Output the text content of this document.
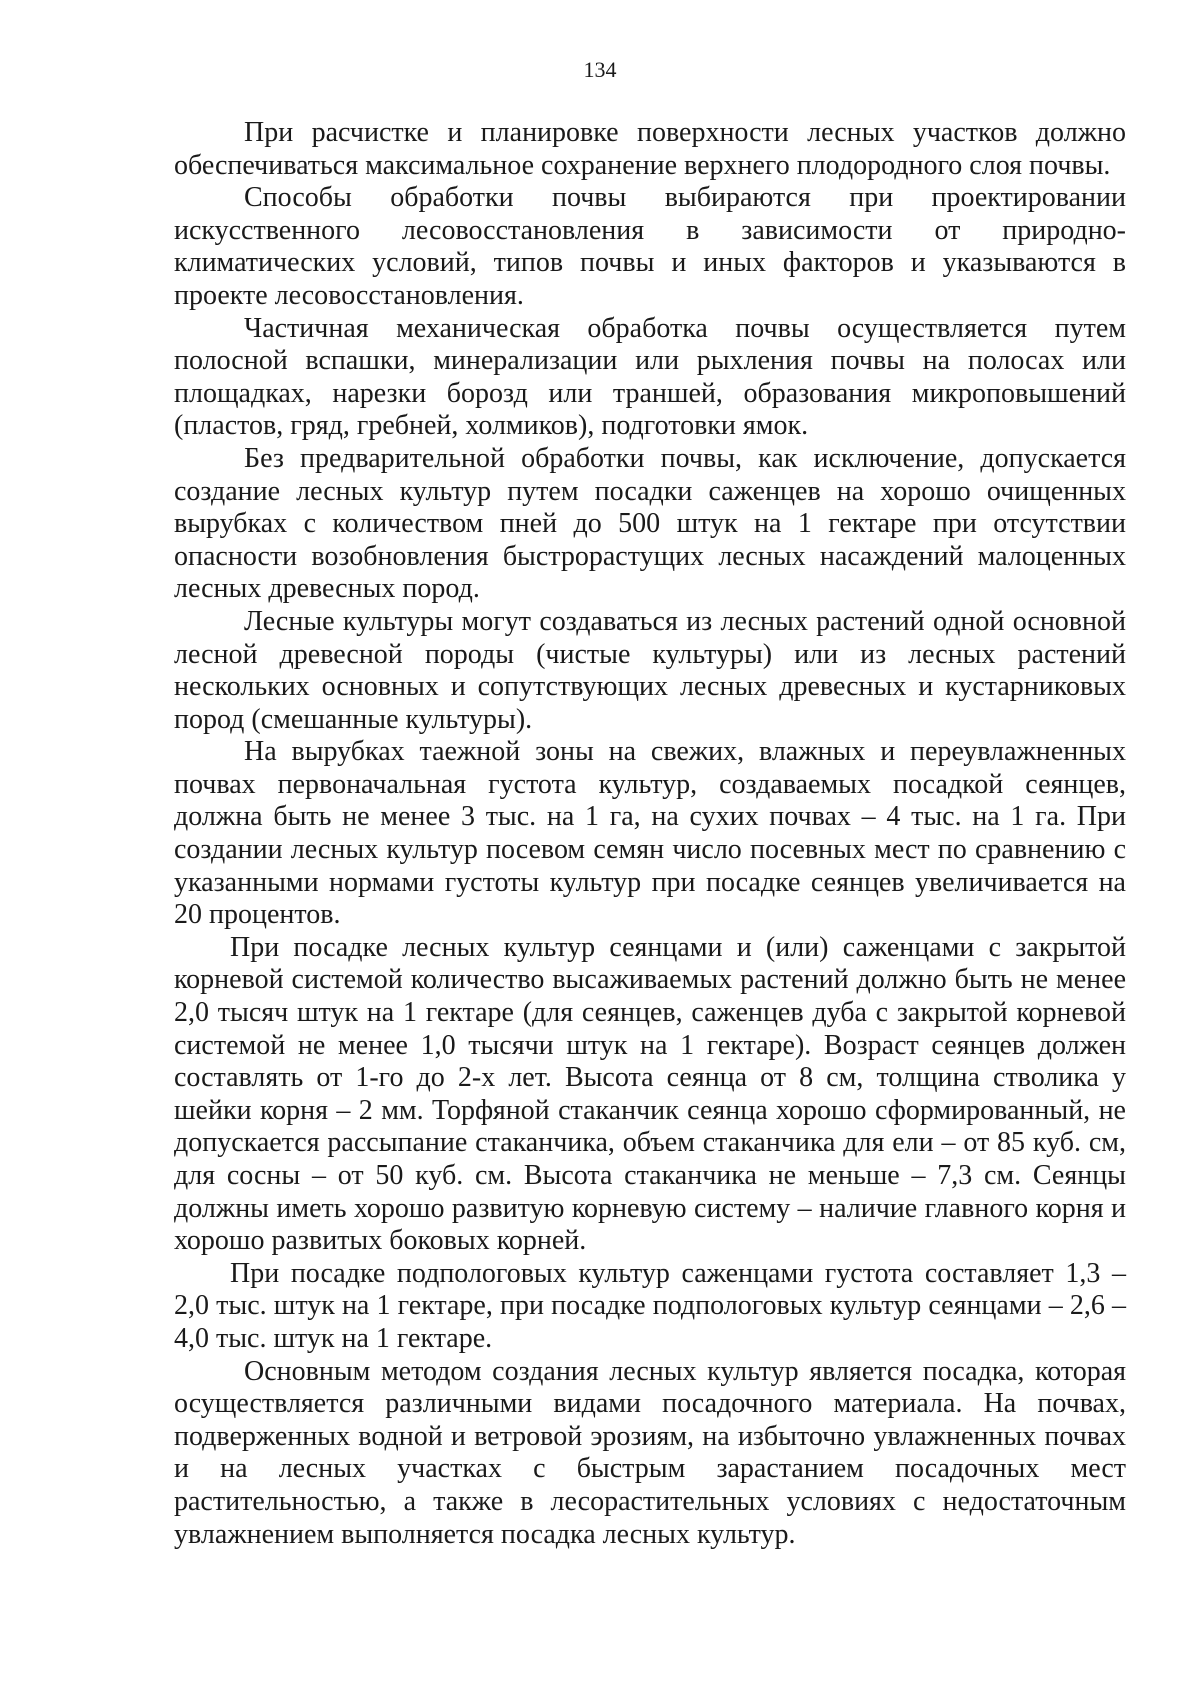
134

При расчистке и планировке поверхности лесных участков должно обеспечиваться максимальное сохранение верхнего плодородного слоя почвы.

Способы обработки почвы выбираются при проектировании искусственного лесовосстановления в зависимости от природно-климатических условий, типов почвы и иных факторов и указываются в проекте лесовосстановления.

Частичная механическая обработка почвы осуществляется путем полосной вспашки, минерализации или рыхления почвы на полосах или площадках, нарезки борозд или траншей, образования микроповышений (пластов, гряд, гребней, холмиков), подготовки ямок.

Без предварительной обработки почвы, как исключение, допускается создание лесных культур путем посадки саженцев на хорошо очищенных вырубках с количеством пней до 500 штук на 1 гектаре при отсутствии опасности возобновления быстрорастущих лесных насаждений малоценных лесных древесных пород.

Лесные культуры могут создаваться из лесных растений одной основной лесной древесной породы (чистые культуры) или из лесных растений нескольких основных и сопутствующих лесных древесных и кустарниковых пород (смешанные культуры).

На вырубках таежной зоны на свежих, влажных и переувлажненных почвах первоначальная густота культур, создаваемых посадкой сеянцев, должна быть не менее 3 тыс. на 1 га, на сухих почвах – 4 тыс. на 1 га. При создании лесных культур посевом семян число посевных мест по сравнению с указанными нормами густоты культур при посадке сеянцев увеличивается на 20 процентов.

При посадке лесных культур сеянцами и (или) саженцами с закрытой корневой системой количество высаживаемых растений должно быть не менее 2,0 тысяч штук на 1 гектаре (для сеянцев, саженцев дуба с закрытой корневой системой не менее 1,0 тысячи штук на 1 гектаре). Возраст сеянцев должен составлять от 1-го до 2-х лет. Высота сеянца от 8 см, толщина стволика у шейки корня – 2 мм. Торфяной стаканчик сеянца хорошо сформированный, не допускается рассыпание стаканчика, объем стаканчика для ели – от 85 куб. см, для сосны – от 50 куб. см. Высота стаканчика не меньше – 7,3 см. Сеянцы должны иметь хорошо развитую корневую систему – наличие главного корня и хорошо развитых боковых корней.

При посадке подпологовых культур саженцами густота составляет 1,3 – 2,0 тыс. штук на 1 гектаре, при посадке подпологовых культур сеянцами – 2,6 – 4,0 тыс. штук на 1 гектаре.

Основным методом создания лесных культур является посадка, которая осуществляется различными видами посадочного материала. На почвах, подверженных водной и ветровой эрозиям, на избыточно увлажненных почвах и на лесных участках с быстрым зарастанием посадочных мест растительностью, а также в лесорастительных условиях с недостаточным увлажнением выполняется посадка лесных культур.
